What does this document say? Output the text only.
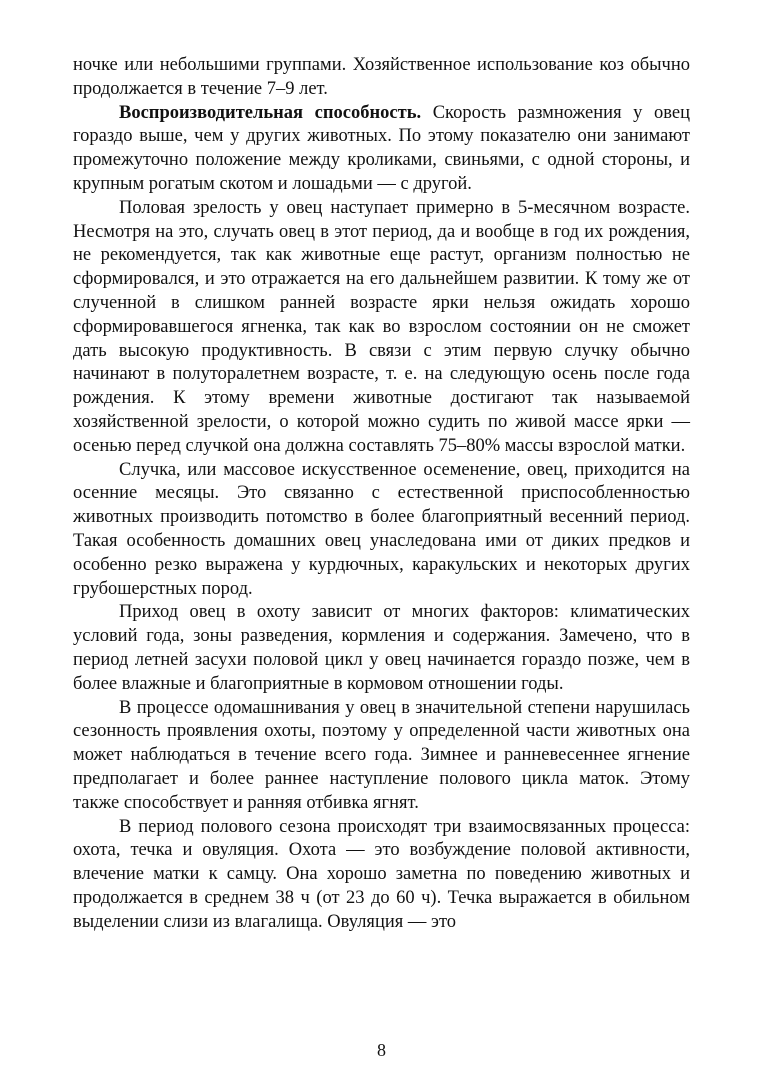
ночке или небольшими группами. Хозяйственное использование коз обычно продолжается в течение 7–9 лет.

Воспроизводительная способность. Скорость размножения у овец гораздо выше, чем у других животных. По этому показателю они занимают промежуточно положение между кроликами, свиньями, с одной стороны, и крупным рогатым скотом и лошадьми — с другой.

Половая зрелость у овец наступает примерно в 5-месячном возрасте. Несмотря на это, случать овец в этот период, да и вообще в год их рождения, не рекомендуется, так как животные еще растут, организм полностью не сформировался, и это отражается на его дальнейшем развитии. К тому же от слученной в слишком ранней возрасте ярки нельзя ожидать хорошо сформировавшегося ягненка, так как во взрослом состоянии он не сможет дать высокую продуктивность. В связи с этим первую случку обычно начинают в полуторалетнем возрасте, т. е. на следующую осень после года рождения. К этому времени животные достигают так называемой хозяйственной зрелости, о которой можно судить по живой массе ярки — осенью перед случкой она должна составлять 75–80% массы взрослой матки.

Случка, или массовое искусственное осеменение, овец, приходится на осенние месяцы. Это связанно с естественной приспособленностью животных производить потомство в более благоприятный весенний период. Такая особенность домашних овец унаследована ими от диких предков и особенно резко выражена у курдючных, каракульских и некоторых других грубошерстных пород.

Приход овец в охоту зависит от многих факторов: климатических условий года, зоны разведения, кормления и содержания. Замечено, что в период летней засухи половой цикл у овец начинается гораздо позже, чем в более влажные и благоприятные в кормовом отношении годы.

В процессе одомашнивания у овец в значительной степени нарушилась сезонность проявления охоты, поэтому у определенной части животных она может наблюдаться в течение всего года. Зимнее и ранневесеннее ягнение предполагает и более раннее наступление полового цикла маток. Этому также способствует и ранняя отбивка ягнят.

В период полового сезона происходят три взаимосвязанных процесса: охота, течка и овуляция. Охота — это возбуждение половой активности, влечение матки к самцу. Она хорошо заметна по поведению животных и продолжается в среднем 38 ч (от 23 до 60 ч). Течка выражается в обильном выделении слизи из влагалища. Овуляция — это

8
